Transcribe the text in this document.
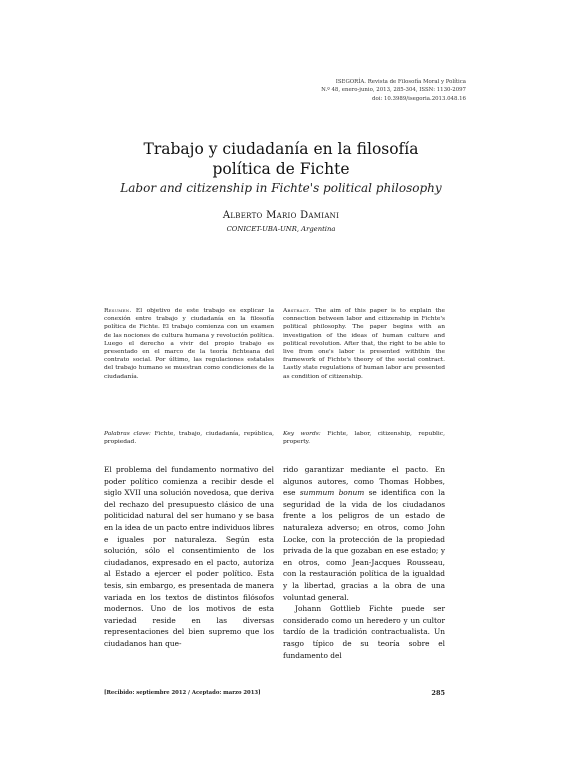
ISEGORÍA. Revista de Filosofía Moral y Política
N.º 48, enero-junio, 2013, 285-304, ISSN: 1130-2097
doi: 10.3989/isegoria.2013.048.16
Trabajo y ciudadanía en la filosofía
política de Fichte
Labor and citizenship in Fichte's political philosophy
Alberto Mario Damiani
CONICET-UBA-UNR, Argentina
Resumen. El objetivo de este trabajo es explicar la conexión entre trabajo y ciudadanía en la filosofía política de Fichte. El trabajo comienza con un examen de las nociones de cultura humana y revolución política. Luego el derecho a vivir del propio trabajo es presentado en el marco de la teoría fichteana del contrato social. Por último, las regulaciones estatales del trabajo humano se muestran como condiciones de la ciudadanía.
Abstract. The aim of this paper is to explain the connection between labor and citizenship in Fichte's political philosophy. The paper begins with an investigation of the ideas of human culture and political revolution. After that, the right to be able to live from one's labor is presented withthin the framework of Fichte's theory of the social contract. Lastly state regulations of human labor are presented as condition of citizenship.
Palabras clave: Fichte, trabajo, ciudadanía, república, propiedad.
Key words: Fichte, labor, citizenship, republic, property.
El problema del fundamento normativo del poder político comienza a recibir desde el siglo XVII una solución novedosa, que deriva del rechazo del presupuesto clásico de una politicidad natural del ser humano y se basa en la idea de un pacto entre individuos libres e iguales por naturaleza. Según esta solución, sólo el consentimiento de los ciudadanos, expresado en el pacto, autoriza al Estado a ejercer el poder político. Esta tesis, sin embargo, es presentada de manera variada en los textos de distintos filósofos modernos. Uno de los motivos de esta variedad reside en las diversas representaciones del bien supremo que los ciudadanos han que-
rido garantizar mediante el pacto. En algunos autores, como Thomas Hobbes, ese summum bonum se identifica con la seguridad de la vida de los ciudadanos frente a los peligros de un estado de naturaleza adverso; en otros, como John Locke, con la protección de la propiedad privada de la que gozaban en ese estado; y en otros, como Jean-Jacques Rousseau, con la restauración política de la igualdad y la libertad, gracias a la obra de una voluntad general.
Johann Gottlieb Fichte puede ser considerado como un heredero y un cultor tardío de la tradición contractualista. Un rasgo típico de su teoría sobre el fundamento del
[Recibido: septiembre 2012 / Aceptado: marzo 2013]	285
